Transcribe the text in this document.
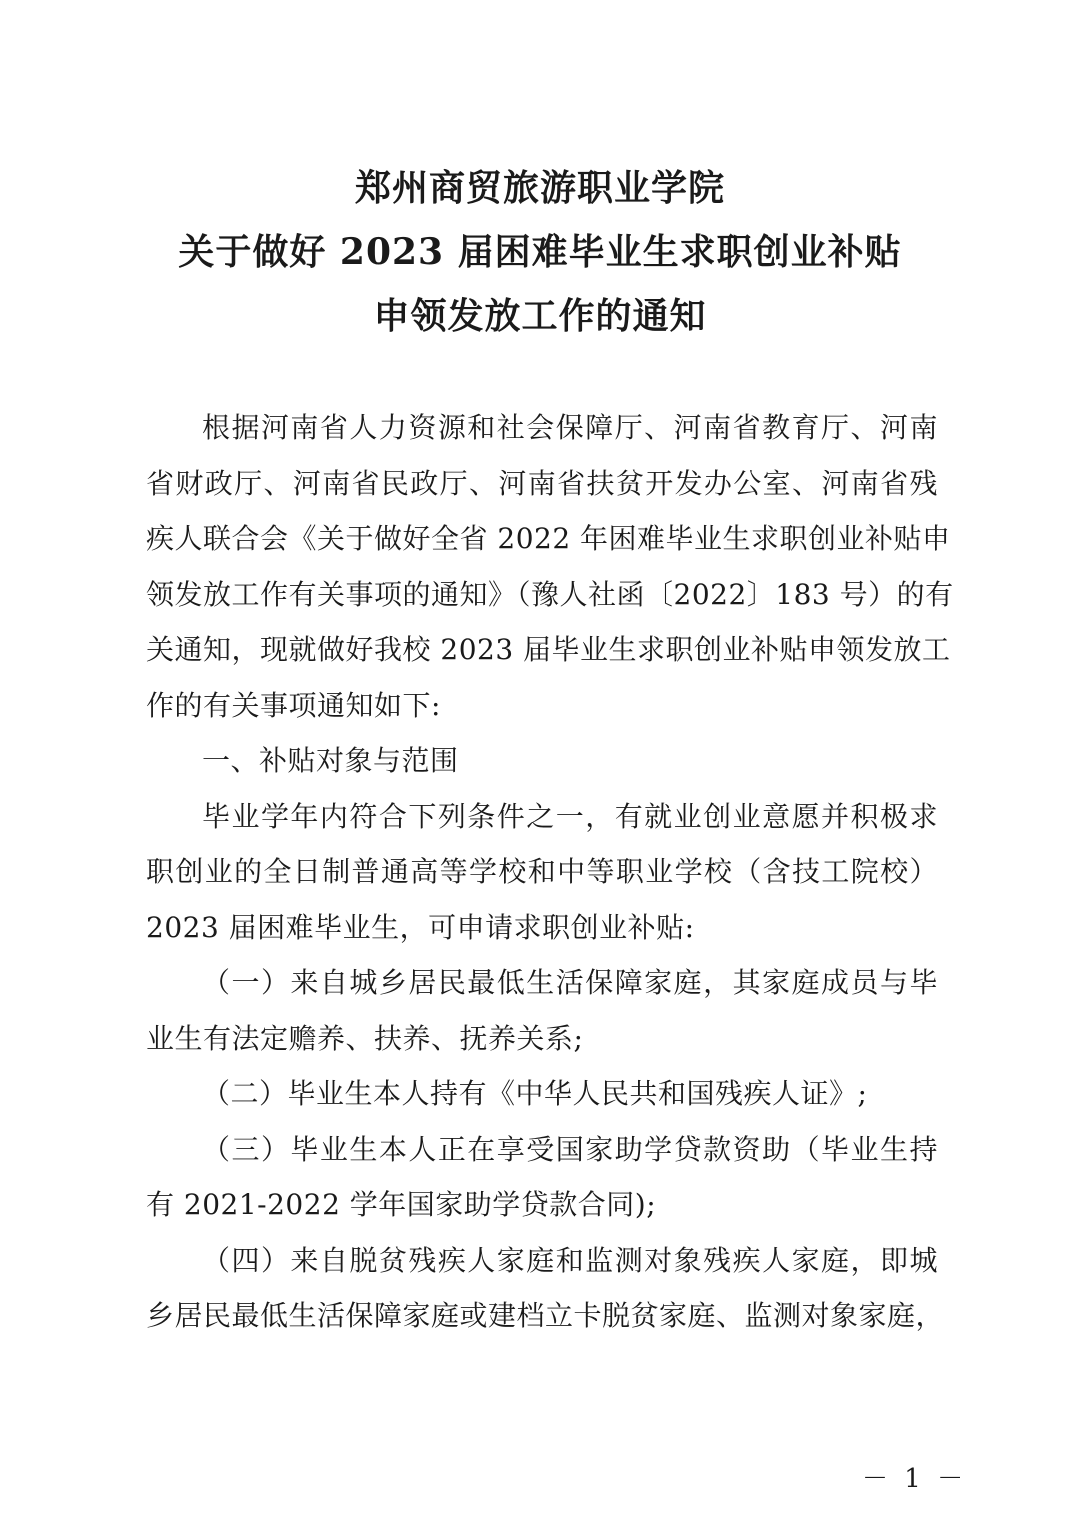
郑州商贸旅游职业学院
关于做好 2023 届困难毕业生求职创业补贴
申领发放工作的通知
根据河南省人力资源和社会保障厅、河南省教育厅、河南
省财政厅、河南省民政厅、河南省扶贫开发办公室、河南省残
疾人联合会《关于做好全省 2022 年困难毕业生求职创业补贴申
领发放工作有关事项的通知》（豫人社函〔2022〕183 号）的有
关通知，现就做好我校 2023 届毕业生求职创业补贴申领发放工
作的有关事项通知如下:
一、补贴对象与范围
毕业学年内符合下列条件之一，有就业创业意愿并积极求
职创业的全日制普通高等学校和中等职业学校（含技工院校）
2023 届困难毕业生，可申请求职创业补贴:
（一）来自城乡居民最低生活保障家庭，其家庭成员与毕
业生有法定赡养、扶养、抚养关系;
（二）毕业生本人持有《中华人民共和国残疾人证》;
（三）毕业生本人正在享受国家助学贷款资助（毕业生持
有 2021-2022 学年国家助学贷款合同);
（四）来自脱贫残疾人家庭和监测对象残疾人家庭，即城
乡居民最低生活保障家庭或建档立卡脱贫家庭、监测对象家庭，
－ 1 －
